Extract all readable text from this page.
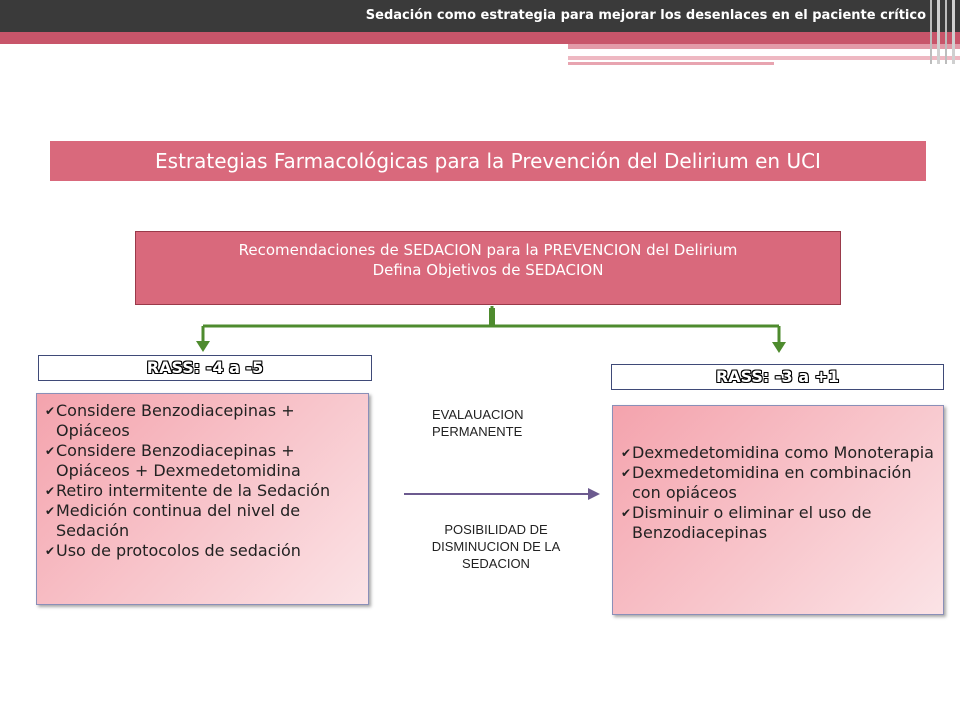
Sedación como estrategia para mejorar los desenlaces en el paciente crítico
Estrategias Farmacológicas para la Prevención del Delirium en UCI
Recomendaciones de SEDACION para la PREVENCION del Delirium
Defina Objetivos de SEDACION
RASS: -4 a -5	RASS: -3 a +1
✔ Considere Benzodiacepinas + Opiáceos
✔ Considere Benzodiacepinas + Opiáceos + Dexmedetomidina
✔ Retiro intermitente de la Sedación
✔ Medición continua del nivel de Sedación
✔ Uso de protocolos de sedación
✔ Dexmedetomidina como Monoterapia
✔ Dexmedetomidina en combinación con opiáceos
✔ Disminuir o eliminar el uso de Benzodiacepinas
EVALAUACION PERMANENTE
POSIBILIDAD DE DISMINUCION DE LA SEDACION
